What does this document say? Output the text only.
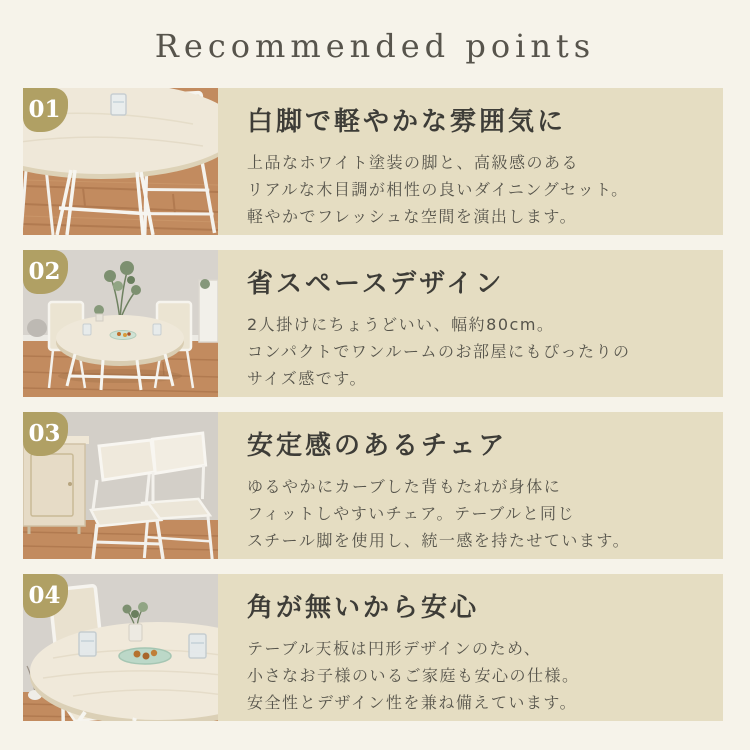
Recommended points
01	白脚で軽やかな雰囲気に

上品なホワイト塗装の脚と、高級感のある
リアルな木目調が相性の良いダイニングセット。
軽やかでフレッシュな空間を演出します。

02	省スペースデザイン

2人掛けにちょうどいい、幅約80cm。
コンパクトでワンルームのお部屋にもぴったりの
サイズ感です。

03	安定感のあるチェア

ゆるやかにカーブした背もたれが身体に
フィットしやすいチェア。テーブルと同じ
スチール脚を使用し、統一感を持たせています。

04	角が無いから安心

テーブル天板は円形デザインのため、
小さなお子様のいるご家庭も安心の仕様。
安全性とデザイン性を兼ね備えています。
